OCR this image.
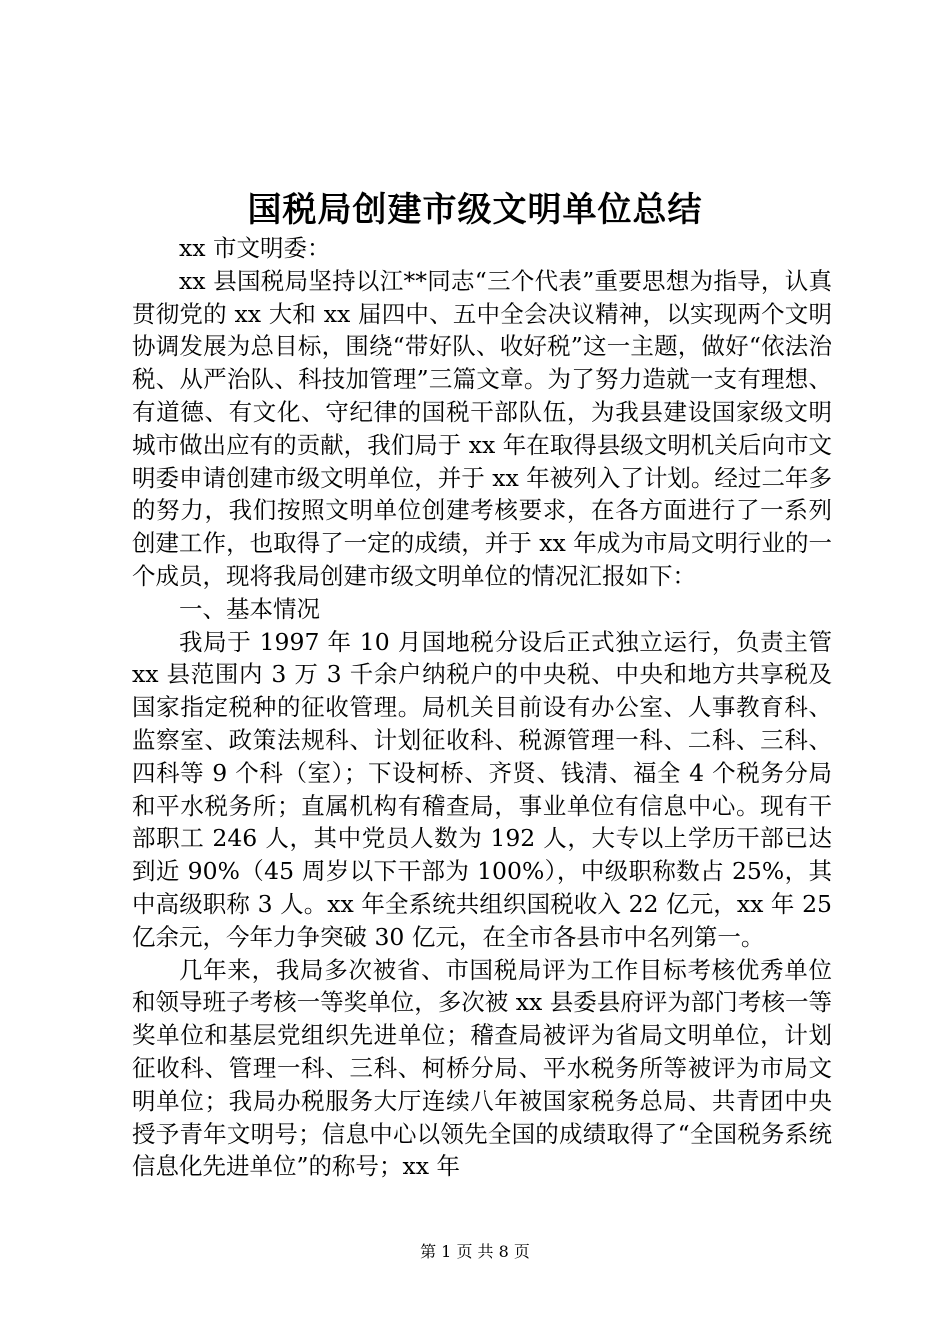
国税局创建市级文明单位总结

xx 市文明委：

xx 县国税局坚持以江**同志“三个代表”重要思想为指导，认真贯彻党的 xx 大和 xx 届四中、五中全会决议精神，以实现两个文明协调发展为总目标，围绕“带好队、收好税”这一主题，做好“依法治税、从严治队、科技加管理”三篇文章。为了努力造就一支有理想、有道德、有文化、守纪律的国税干部队伍，为我县建设国家级文明城市做出应有的贡献，我们局于 xx 年在取得县级文明机关后向市文明委申请创建市级文明单位，并于 xx 年被列入了计划。经过二年多的努力，我们按照文明单位创建考核要求，在各方面进行了一系列创建工作，也取得了一定的成绩，并于 xx 年成为市局文明行业的一个成员，现将我局创建市级文明单位的情况汇报如下：

一、基本情况

我局于 1997 年 10 月国地税分设后正式独立运行，负责主管 xx 县范围内 3 万 3 千余户纳税户的中央税、中央和地方共享税及国家指定税种的征收管理。局机关目前设有办公室、人事教育科、监察室、政策法规科、计划征收科、税源管理一科、二科、三科、四科等 9 个科（室）；下设柯桥、齐贤、钱清、福全 4 个税务分局和平水税务所；直属机构有稽查局，事业单位有信息中心。现有干部职工 246 人，其中党员人数为 192 人，大专以上学历干部已达到近 90%（45 周岁以下干部为 100%），中级职称数占 25%，其中高级职称 3 人。xx 年全系统共组织国税收入 22 亿元，xx 年 25 亿余元，今年力争突破 30 亿元，在全市各县市中名列第一。

几年来，我局多次被省、市国税局评为工作目标考核优秀单位和领导班子考核一等奖单位，多次被 xx 县委县府评为部门考核一等奖单位和基层党组织先进单位；稽查局被评为省局文明单位，计划征收科、管理一科、三科、柯桥分局、平水税务所等被评为市局文明单位；我局办税服务大厅连续八年被国家税务总局、共青团中央授予青年文明号；信息中心以领先全国的成绩取得了“全国税务系统信息化先进单位”的称号；xx 年

第 1 页 共 8 页
